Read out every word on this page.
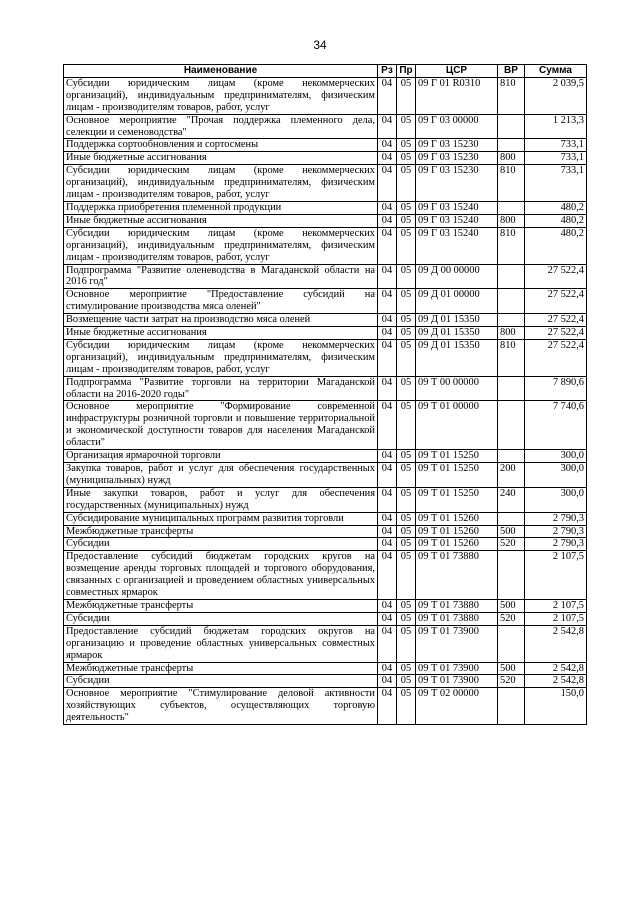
34
Наименование	Рз	Пр	ЦСР	ВР	Сумма
Субсидии юридическим лицам (кроме некоммерческих организаций), индивидуальным предпринимателям, физическим лицам - производителям товаров, работ, услуг	04	05	09 Г 01 R0310	810	2 039,5
Основное мероприятие "Прочая поддержка племенного дела, селекции и семеноводства"	04	05	09 Г 03 00000		1 213,3
Поддержка сортообновления и сортосмены	04	05	09 Г 03 15230		733,1
Иные бюджетные ассигнования	04	05	09 Г 03 15230	800	733,1
Субсидии юридическим лицам (кроме некоммерческих организаций), индивидуальным предпринимателям, физическим лицам - производителям товаров, работ, услуг	04	05	09 Г 03 15230	810	733,1
Поддержка приобретения племенной продукции	04	05	09 Г 03 15240		480,2
Иные бюджетные ассигнования	04	05	09 Г 03 15240	800	480,2
Субсидии юридическим лицам (кроме некоммерческих организаций), индивидуальным предпринимателям, физическим лицам - производителям товаров, работ, услуг	04	05	09 Г 03 15240	810	480,2
Подпрограмма "Развитие оленеводства в Магаданской области на 2016 год"	04	05	09 Д 00 00000		27 522,4
Основное мероприятие "Предоставление субсидий на стимулирование производства мяса оленей"	04	05	09 Д 01 00000		27 522,4
Возмещение части затрат на производство мяса оленей	04	05	09 Д 01 15350		27 522,4
Иные бюджетные ассигнования	04	05	09 Д 01 15350	800	27 522,4
Субсидии юридическим лицам (кроме некоммерческих организаций), индивидуальным предпринимателям, физическим лицам - производителям товаров, работ, услуг	04	05	09 Д 01 15350	810	27 522,4
Подпрограмма "Развитие торговли на территории Магаданской области на 2016-2020 годы"	04	05	09 Т 00 00000		7 890,6
Основное мероприятие "Формирование современной инфраструктуры розничной торговли и повышение территориальной и экономической доступности товаров для населения Магаданской области"	04	05	09 Т 01 00000		7 740,6
Организация ярмарочной торговли	04	05	09 Т 01 15250		300,0
Закупка товаров, работ и услуг для обеспечения государственных (муниципальных) нужд	04	05	09 Т 01 15250	200	300,0
Иные закупки товаров, работ и услуг для обеспечения государственных (муниципальных) нужд	04	05	09 Т 01 15250	240	300,0
Субсидирование муниципальных программ развития торговли	04	05	09 Т 01 15260		2 790,3
Межбюджетные трансферты	04	05	09 Т 01 15260	500	2 790,3
Субсидии	04	05	09 Т 01 15260	520	2 790,3
Предоставление субсидий бюджетам городских кругов на возмещение аренды торговых площадей и торгового оборудования, связанных с организацией и проведением областных универсальных совместных ярмарок	04	05	09 Т 01 73880		2 107,5
Межбюджетные трансферты	04	05	09 Т 01 73880	500	2 107,5
Субсидии	04	05	09 Т 01 73880	520	2 107,5
Предоставление субсидий бюджетам городских округов на организацию и проведение областных универсальных совместных ярмарок	04	05	09 Т 01 73900		2 542,8
Межбюджетные трансферты	04	05	09 Т 01 73900	500	2 542,8
Субсидии	04	05	09 Т 01 73900	520	2 542,8
Основное мероприятие "Стимулирование деловой активности хозяйствующих субъектов, осуществляющих торговую деятельность"	04	05	09 Т 02 00000		150,0
